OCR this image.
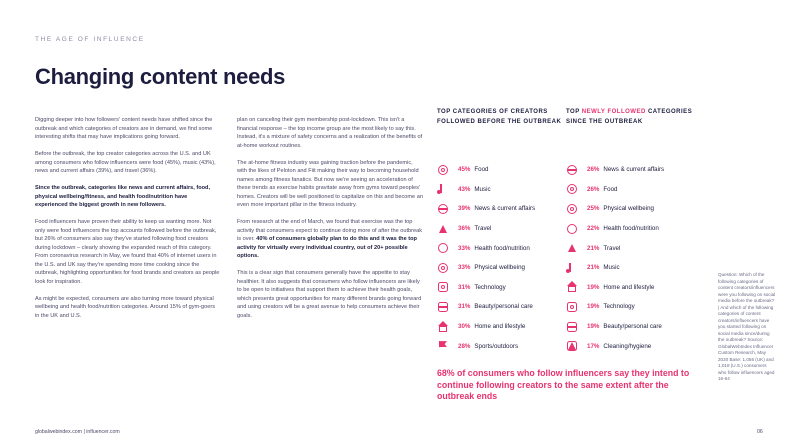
THE AGE OF INFLUENCE
Changing content needs

Digging deeper into how followers' content needs have shifted since the outbreak and which categories of creators are in demand, we find some interesting shifts that may have implications going forward.

Before the outbreak, the top creator categories across the U.S. and UK among consumers who follow influencers were food (45%), music (43%), news and current affairs (39%), and travel (36%).

Since the outbreak, categories like news and current affairs, food, physical wellbeing/fitness, and health food/nutrition have experienced the biggest growth in new followers.

Food influencers have proven their ability to keep us wanting more. Not only were food influencers the top accounts followed before the outbreak, but 26% of consumers also say they've started following food creators during lockdown – clearly showing the expanded reach of this category. From coronavirus research in May, we found that 40% of internet users in the U.S. and UK say they're spending more time cooking since the outbreak, highlighting opportunities for food brands and creators as people look for inspiration.

As might be expected, consumers are also turning more toward physical wellbeing and health food/nutrition categories. Around 15% of gym-goers in the UK and U.S.

plan on canceling their gym membership post-lockdown. This isn't a financial response – the top income group are the most likely to say this. Instead, it's a mixture of safety concerns and a realization of the benefits of at-home workout routines.

The at-home fitness industry was gaining traction before the pandemic, with the likes of Peloton and Fiit making their way to becoming household names among fitness fanatics. But now we're seeing an acceleration of these trends as exercise habits gravitate away from gyms toward peoples' homes. Creators will be well positioned to capitalize on this and become an even more important pillar in the fitness industry.

From research at the end of March, we found that exercise was the top activity that consumers expect to continue doing more of after the outbreak is over. 40% of consumers globally plan to do this and it was the top activity for virtually every individual country, out of 20+ possible options.

This is a clear sign that consumers generally have the appetite to stay healthier. It also suggests that consumers who follow influencers are likely to be open to initiatives that support them to achieve their health goals, which presents great opportunities for many different brands going forward and using creators will be a great avenue to help consumers achieve their goals.

TOP CATEGORIES OF CREATORS FOLLOWED BEFORE THE OUTBREAK
45% Food
43% Music
39% News & current affairs
36% Travel
33% Health food/nutrition
33% Physical wellbeing
31% Technology
31% Beauty/personal care
30% Home and lifestyle
28% Sports/outdoors
TOP NEWLY FOLLOWED CATEGORIES SINCE THE OUTBREAK
26% News & current affairs
26% Food
25% Physical wellbeing
22% Health food/nutrition
21% Travel
21% Music
19% Home and lifestyle
19% Technology
19% Beauty/personal care
17% Cleaning/hygiene
68% of consumers who follow influencers say they intend to continue following creators to the same extent after the outbreak ends
Question: Which of the following categories of content creators/influencers were you following on social media before the outbreak? | And which of the following categories of content creators/influencers have you started following on social media since/during the outbreak? Source: GlobalWebIndex Influencer Custom Research, May 2020 Base: 1,056 (UK) and 1,018 (U.S.) consumers who follow influencers aged 16-64
globalwebindex.com | influencer.com	06
